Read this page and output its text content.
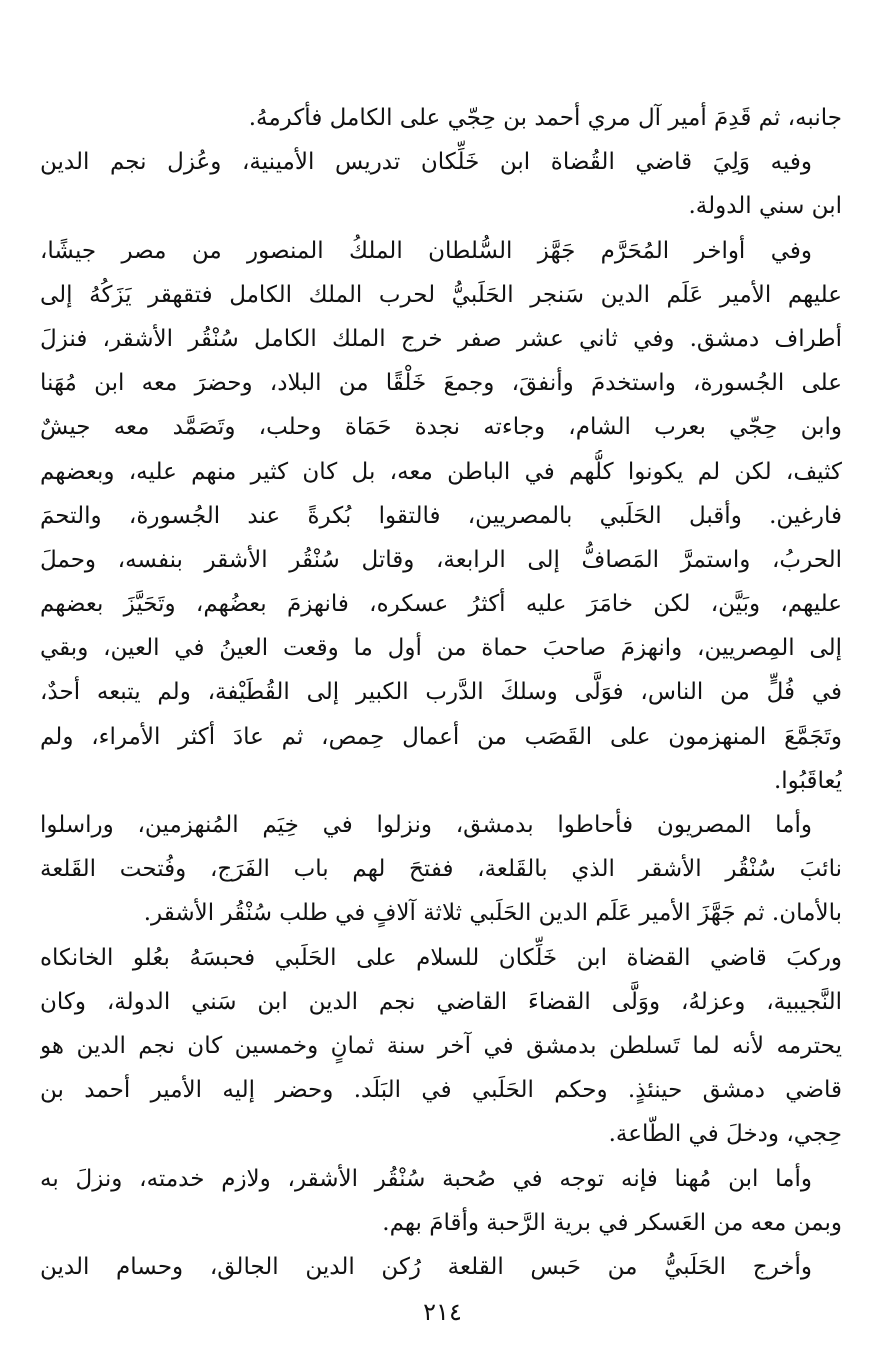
جانبه، ثم قَدِمَ أمير آل مري أحمد بن حِجّي على الكامل فأكرمهُ.
وفيه وَلِيَ قاضي القُضاة ابن خَلِّكان تدريس الأمينية، وعُزل نجم الدين
ابن سني الدولة.
وفي أواخر المُحَرَّم جَهَّز السُّلطان الملكُ المنصور من مصر جيشًا،
عليهم الأمير عَلَم الدين سَنجر الحَلَبيُّ لحرب الملك الكامل فتقهقر يَزَكُهُ إلى
أطراف دمشق. وفي ثاني عشر صفر خرج الملك الكامل سُنْقُر الأشقر، فنزلَ
على الجُسورة، واستخدمَ وأنفقَ، وجمعَ خَلْقًا من البلاد، وحضرَ معه ابن مُهَنا
وابن حِجّي بعرب الشام، وجاءته نجدة حَمَاة وحلب، وتَصَمَّد معه جيشٌ
كثيف، لكن لم يكونوا كلُّهم في الباطن معه، بل كان كثير منهم عليه، وبعضهم
فارغين. وأقبل الحَلَبي بالمصريين، فالتقوا بُكرةً عند الجُسورة، والتحمَ
الحربُ، واستمرَّ المَصافُّ إلى الرابعة، وقاتل سُنْقُر الأشقر بنفسه، وحملَ
عليهم، وبَيَّن، لكن خامَرَ عليه أكثرُ عسكره، فانهزمَ بعضُهم، وتَحَيَّزَ بعضهم
إلى المِصريين، وانهزمَ صاحبَ حماة من أول ما وقعت العينُ في العين، وبقي
في فُلٍّ من الناس، فوَلَّى وسلكَ الدَّرب الكبير إلى القُطَيْفة، ولم يتبعه أحدٌ،
وتَجَمَّعَ المنهزمون على القَصَب من أعمال حِمص، ثم عادَ أكثر الأمراء، ولم
يُعاقَبُوا.
وأما المصريون فأحاطوا بدمشق، ونزلوا في خِيَم المُنهزمين، وراسلوا
نائبَ سُنْقُر الأشقر الذي بالقَلعة، ففتحَ لهم باب الفَرَج، وفُتحت القَلعة
بالأمان. ثم جَهَّزَ الأمير عَلَم الدين الحَلَبي ثلاثة آلافٍ في طلب سُنْقُر الأشقر.
وركبَ قاضي القضاة ابن خَلِّكان للسلام على الحَلَبي فحبسَهُ بعُلو الخانكاه
النَّجيبية، وعزلهُ، ووَلَّى القضاءَ القاضي نجم الدين ابن سَني الدولة، وكان
يحترمه لأنه لما تَسلطن بدمشق في آخر سنة ثمانٍ وخمسين كان نجم الدين هو
قاضي دمشق حينئذٍ. وحكم الحَلَبي في البَلَد. وحضر إليه الأمير أحمد بن
حِجي، ودخلَ في الطّاعة.
وأما ابن مُهنا فإنه توجه في صُحبة سُنْقُر الأشقر، ولازم خدمته، ونزلَ به
وبمن معه من العَسكر في برية الرَّحبة وأقامَ بهم.
وأخرج الحَلَبيُّ من حَبس القلعة رُكن الدين الجالق، وحسام الدين
٢١٤
